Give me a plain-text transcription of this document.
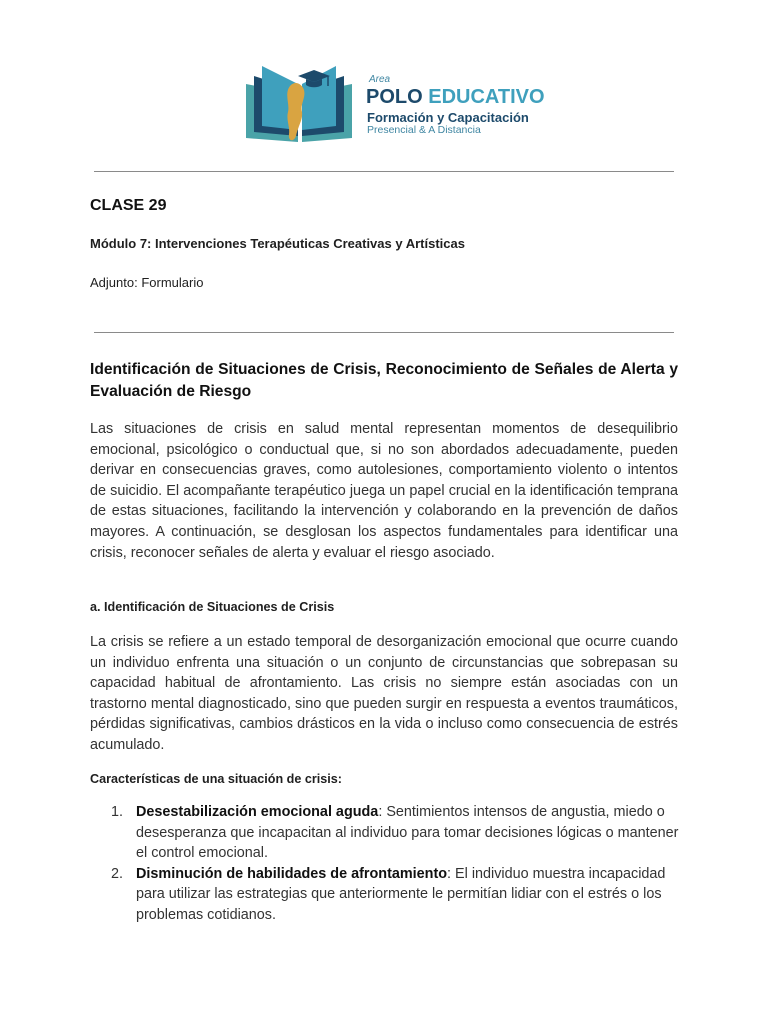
Area
POLO EDUCATIVO
Formación y Capacitación
Presencial & A Distancia
CLASE 29
Módulo 7: Intervenciones Terapéuticas Creativas y Artísticas
Adjunto: Formulario
Identificación de Situaciones de Crisis, Reconocimiento de Señales de Alerta y Evaluación de Riesgo
Las situaciones de crisis en salud mental representan momentos de desequilibrio emocional, psicológico o conductual que, si no son abordados adecuadamente, pueden derivar en consecuencias graves, como autolesiones, comportamiento violento o intentos de suicidio. El acompañante terapéutico juega un papel crucial en la identificación temprana de estas situaciones, facilitando la intervención y colaborando en la prevención de daños mayores. A continuación, se desglosan los aspectos fundamentales para identificar una crisis, reconocer señales de alerta y evaluar el riesgo asociado.
a. Identificación de Situaciones de Crisis
La crisis se refiere a un estado temporal de desorganización emocional que ocurre cuando un individuo enfrenta una situación o un conjunto de circunstancias que sobrepasan su capacidad habitual de afrontamiento. Las crisis no siempre están asociadas con un trastorno mental diagnosticado, sino que pueden surgir en respuesta a eventos traumáticos, pérdidas significativas, cambios drásticos en la vida o incluso como consecuencia de estrés acumulado.
Características de una situación de crisis:
1. Desestabilización emocional aguda: Sentimientos intensos de angustia, miedo o desesperanza que incapacitan al individuo para tomar decisiones lógicas o mantener el control emocional.
2. Disminución de habilidades de afrontamiento: El individuo muestra incapacidad para utilizar las estrategias que anteriormente le permitían lidiar con el estrés o los problemas cotidianos.
